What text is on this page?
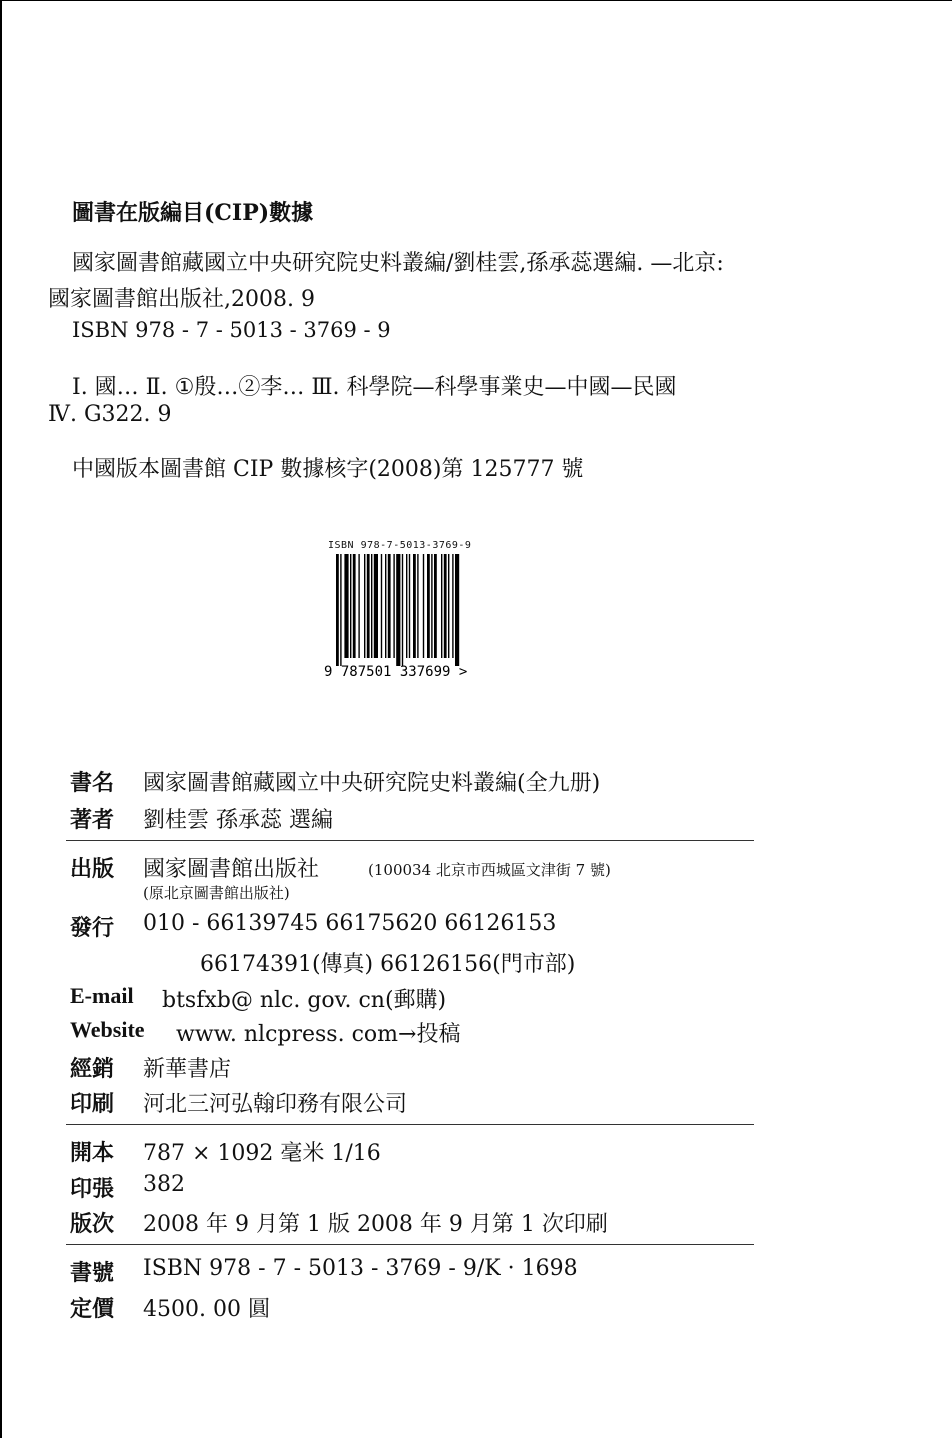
圖書在版編目(CIP)數據
國家圖書館藏國立中央研究院史料叢編/劉桂雲,孫承蕊選編. —北京:
國家圖書館出版社,2008. 9
ISBN 978 - 7 - 5013 - 3769 - 9
Ⅰ. 國… Ⅱ. ①殷…②李… Ⅲ. 科學院—科學事業史—中國—民國
Ⅳ. G322. 9
中國版本圖書館 CIP 數據核字(2008)第 125777 號
ISBN 978-7-5013-3769-9
9 787501 337699 >
書名 國家圖書館藏國立中央研究院史料叢編(全九册)
著者 劉桂雲 孫承蕊 選編
出版 國家圖書館出版社	(100034 北京市西城區文津街 7 號)
(原北京圖書館出版社)
發行 010 - 66139745 66175620 66126153
66174391(傳真) 66126156(門市部)
E-mail btsfxb@ nlc. gov. cn(郵購)
Website www. nlcpress. com→投稿
經銷 新華書店
印刷 河北三河弘翰印務有限公司
開本 787 × 1092 毫米 1/16
印張 382
版次 2008 年 9 月第 1 版 2008 年 9 月第 1 次印刷
書號 ISBN 978 - 7 - 5013 - 3769 - 9/K · 1698
定價 4500. 00 圓
